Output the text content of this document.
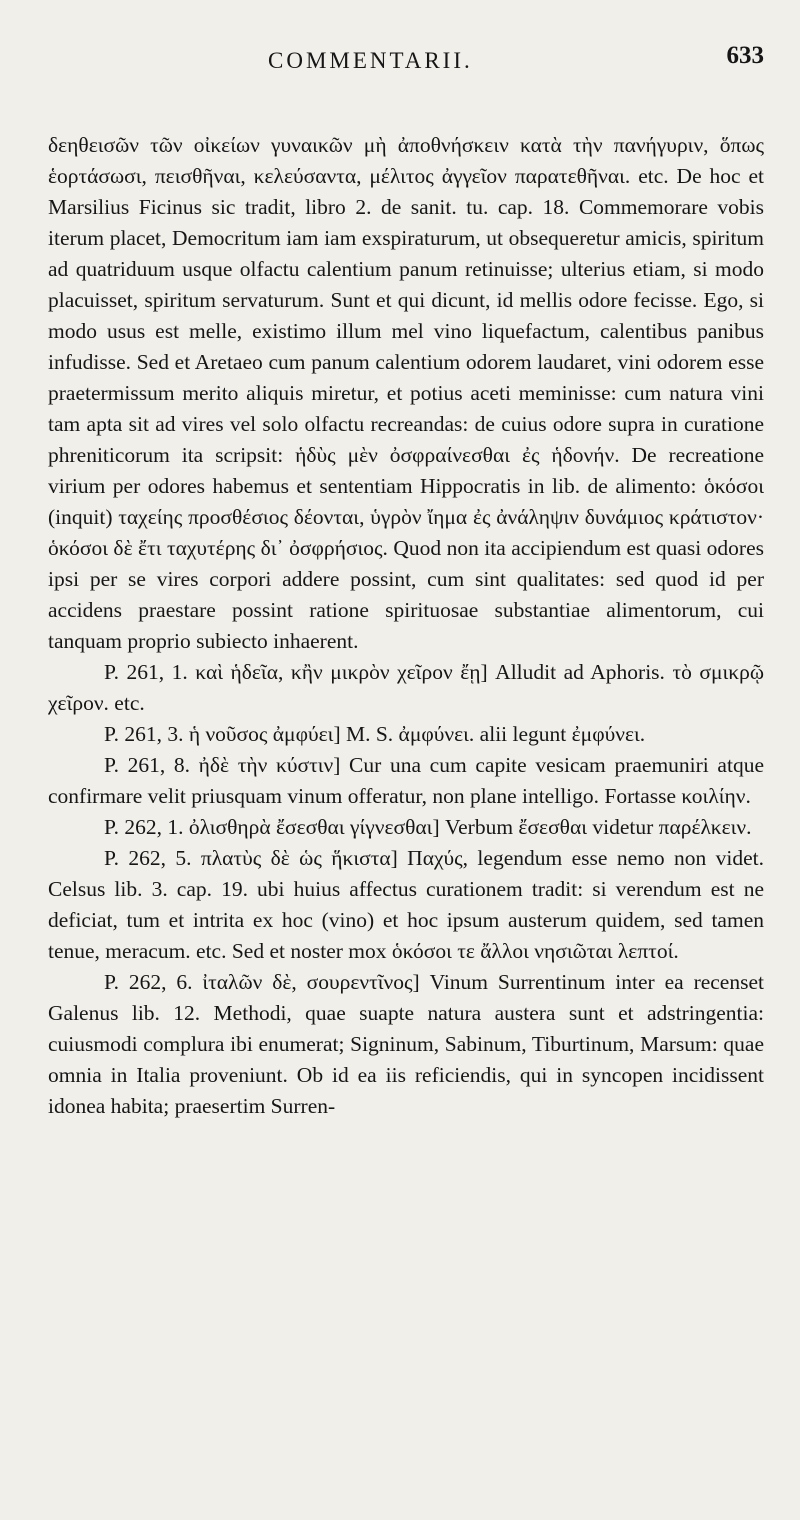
COMMENTARII.	633

δεηθεισῶν τῶν οἰκείων γυναικῶν μὴ ἀποθνήσκειν κατὰ τὴν πανήγυριν, ὅπως ἑορτάσωσι, πεισθῆναι, κελεύσαντα, μέλιτος ἀγγεῖον παρατεθῆναι. etc. De hoc et Marsilius Ficinus sic tradit, libro 2. de sanit. tu. cap. 18. Commemorare vobis iterum placet, Democritum iam iam exspiraturum, ut obsequeretur amicis, spiritum ad quatriduum usque olfactu calentium panum retinuisse; ulterius etiam, si modo placuisset, spiritum servaturum. Sunt et qui dicunt, id mellis odore fecisse. Ego, si modo usus est melle, existimo illum mel vino liquefactum, calentibus panibus infudisse. Sed et Aretaeo cum panum calentium odorem laudaret, vini odorem esse praetermissum merito aliquis miretur, et potius aceti meminisse: cum natura vini tam apta sit ad vires vel solo olfactu recreandas: de cuius odore supra in curatione phreniticorum ita scripsit: ἡδὺς μὲν ὀσφραίνεσθαι ἐς ἡδονήν. De recreatione virium per odores habemus et sententiam Hippocratis in lib. de alimento: ὁκόσοι (inquit) ταχείης προσθέσιος δέονται, ὑγρὸν ἴημα ἐς ἀνάληψιν δυνάμιος κράτιστον· ὁκόσοι δὲ ἔτι ταχυτέρης δι᾽ ὀσφρήσιος. Quod non ita accipiendum est quasi odores ipsi per se vires corpori addere possint, cum sint qualitates: sed quod id per accidens praestare possint ratione spirituosae substantiae alimentorum, cui tanquam proprio subiecto inhaerent.

P. 261, 1. καὶ ἡδεῖα, κἢν μικρὸν χεῖρον ἔῃ] Alludit ad Aphoris. τὸ σμικρῷ χεῖρον. etc.

P. 261, 3. ἡ νοῦσος ἀμφύει] M. S. ἀμφύνει. alii legunt ἐμφύνει.

P. 261, 8. ἠδὲ τὴν κύστιν] Cur una cum capite vesicam praemuniri atque confirmare velit priusquam vinum offeratur, non plane intelligo. Fortasse κοιλίην.

P. 262, 1. ὀλισθηρὰ ἔσεσθαι γίγνεσθαι] Verbum ἔσεσθαι videtur παρέλκειν.

P. 262, 5. πλατὺς δὲ ὡς ἥκιστα] Παχύς, legendum esse nemo non videt. Celsus lib. 3. cap. 19. ubi huius affectus curationem tradit: si verendum est ne deficiat, tum et intrita ex hoc (vino) et hoc ipsum austerum quidem, sed tamen tenue, meracum. etc. Sed et noster mox ὁκόσοι τε ἄλλοι νησιῶται λεπτοί.

P. 262, 6. ἰταλῶν δὲ, σουρεντῖνος] Vinum Surrentinum inter ea recenset Galenus lib. 12. Methodi, quae suapte natura austera sunt et adstringentia: cuiusmodi complura ibi enumerat; Signinum, Sabinum, Tiburtinum, Marsum: quae omnia in Italia proveniunt. Ob id ea iis reficiendis, qui in syncopen incidissent idonea habita; praesertim Surren-
